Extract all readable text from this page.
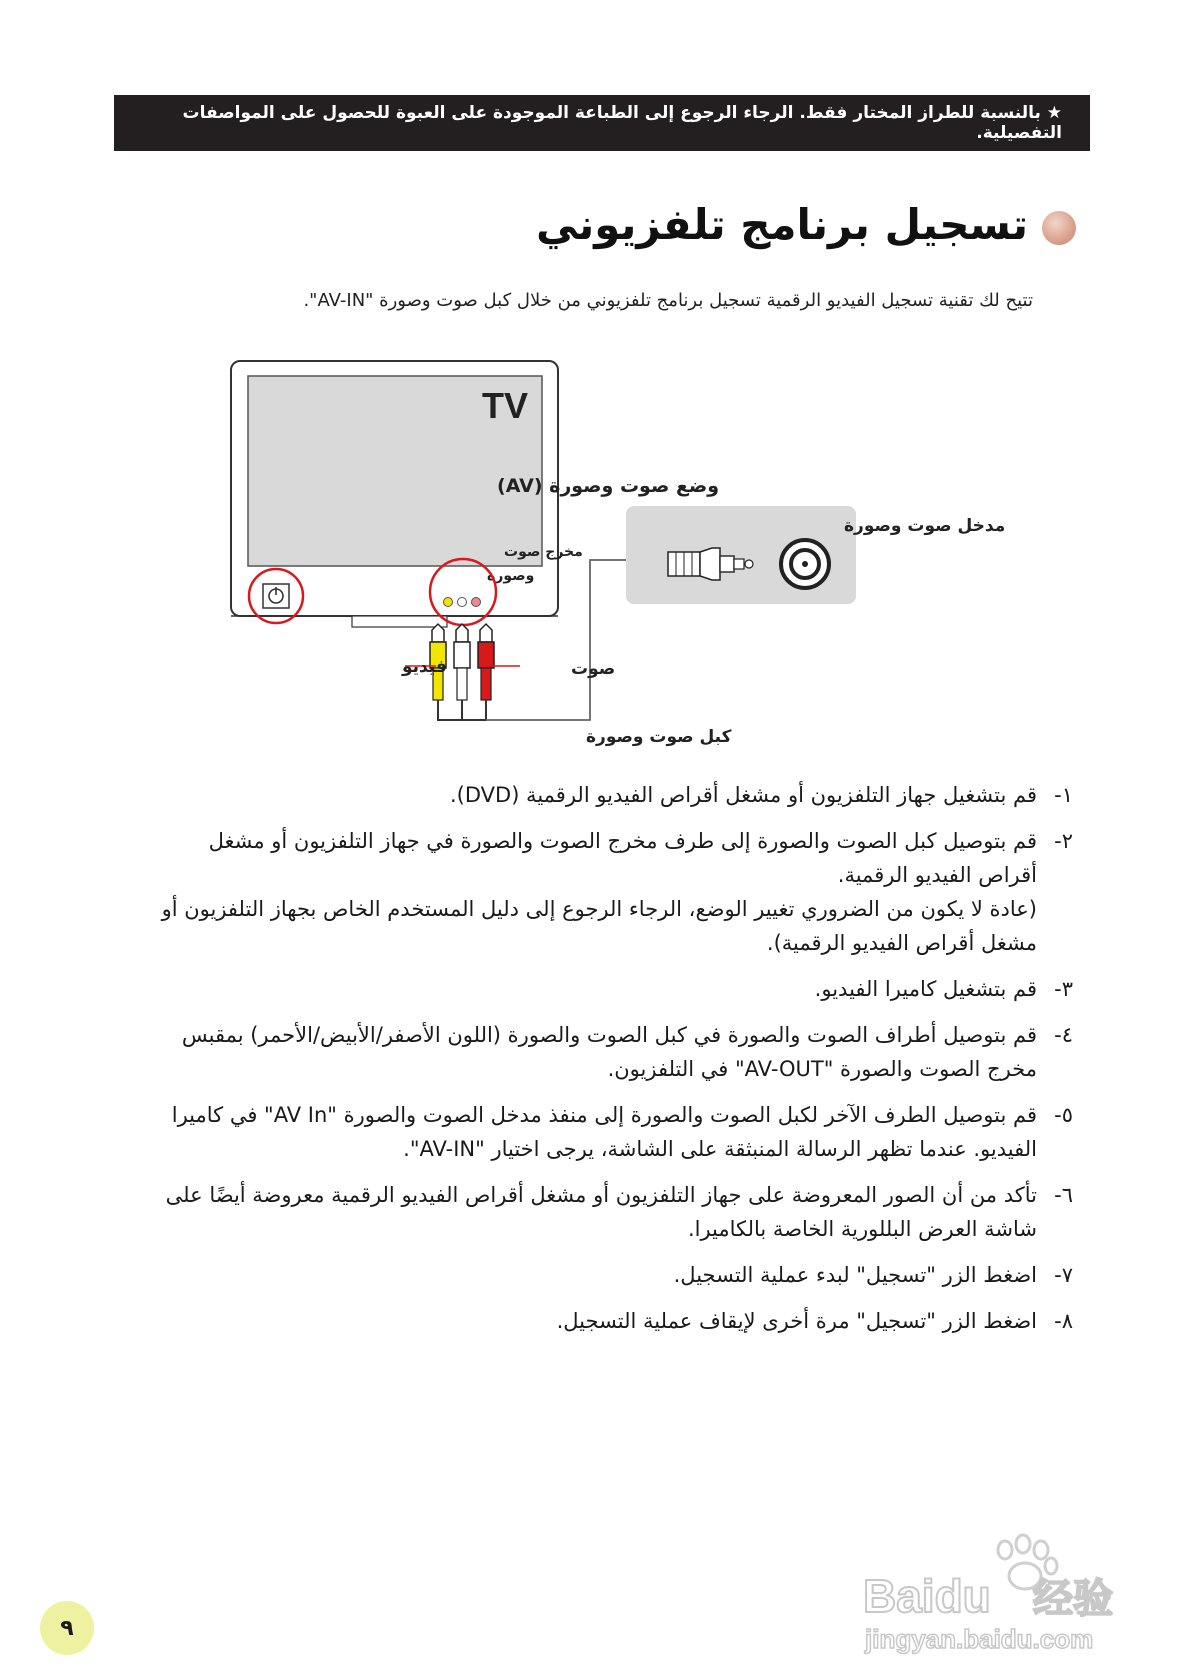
★ بالنسبة للطراز المختار فقط. الرجاء الرجوع إلى الطباعة الموجودة على العبوة للحصول على المواصفات التفصيلية.
تسجيل برنامج تلفزيوني
تتيح لك تقنية تسجيل الفيديو الرقمية تسجيل برنامج تلفزيوني من خلال كبل صوت وصورة "AV-IN".
TV
وضع صوت وصورة (AV)
مخرج صوت
وصورة
فيديو	صوت
كبل صوت وصورة
مدخل صوت وصورة
١-
قم بتشغيل جهاز التلفزيون أو مشغل أقراص الفيديو الرقمية (DVD).
٢-
قم بتوصيل كبل الصوت والصورة إلى طرف مخرج الصوت والصورة في جهاز التلفزيون أو مشغل أقراص الفيديو الرقمية.
(عادة لا يكون من الضروري تغيير الوضع، الرجاء الرجوع إلى دليل المستخدم الخاص بجهاز التلفزيون أو مشغل أقراص الفيديو الرقمية).
٣-
قم بتشغيل كاميرا الفيديو.
٤-
قم بتوصيل أطراف الصوت والصورة في كبل الصوت والصورة (اللون الأصفر/الأبيض/الأحمر) بمقبس مخرج الصوت والصورة "AV-OUT" في التلفزيون.
٥-
قم بتوصيل الطرف الآخر لكبل الصوت والصورة إلى منفذ مدخل الصوت والصورة "AV In" في كاميرا الفيديو. عندما تظهر الرسالة المنبثقة على الشاشة، يرجى اختيار "AV-IN".
٦-
تأكد من أن الصور المعروضة على جهاز التلفزيون أو مشغل أقراص الفيديو الرقمية معروضة أيضًا على شاشة العرض البللورية الخاصة بالكاميرا.
٧-
اضغط الزر "تسجيل" لبدء عملية التسجيل.
٨-
اضغط الزر "تسجيل" مرة أخرى لإيقاف عملية التسجيل.
٩
Baidu 经验
jingyan.baidu.com
